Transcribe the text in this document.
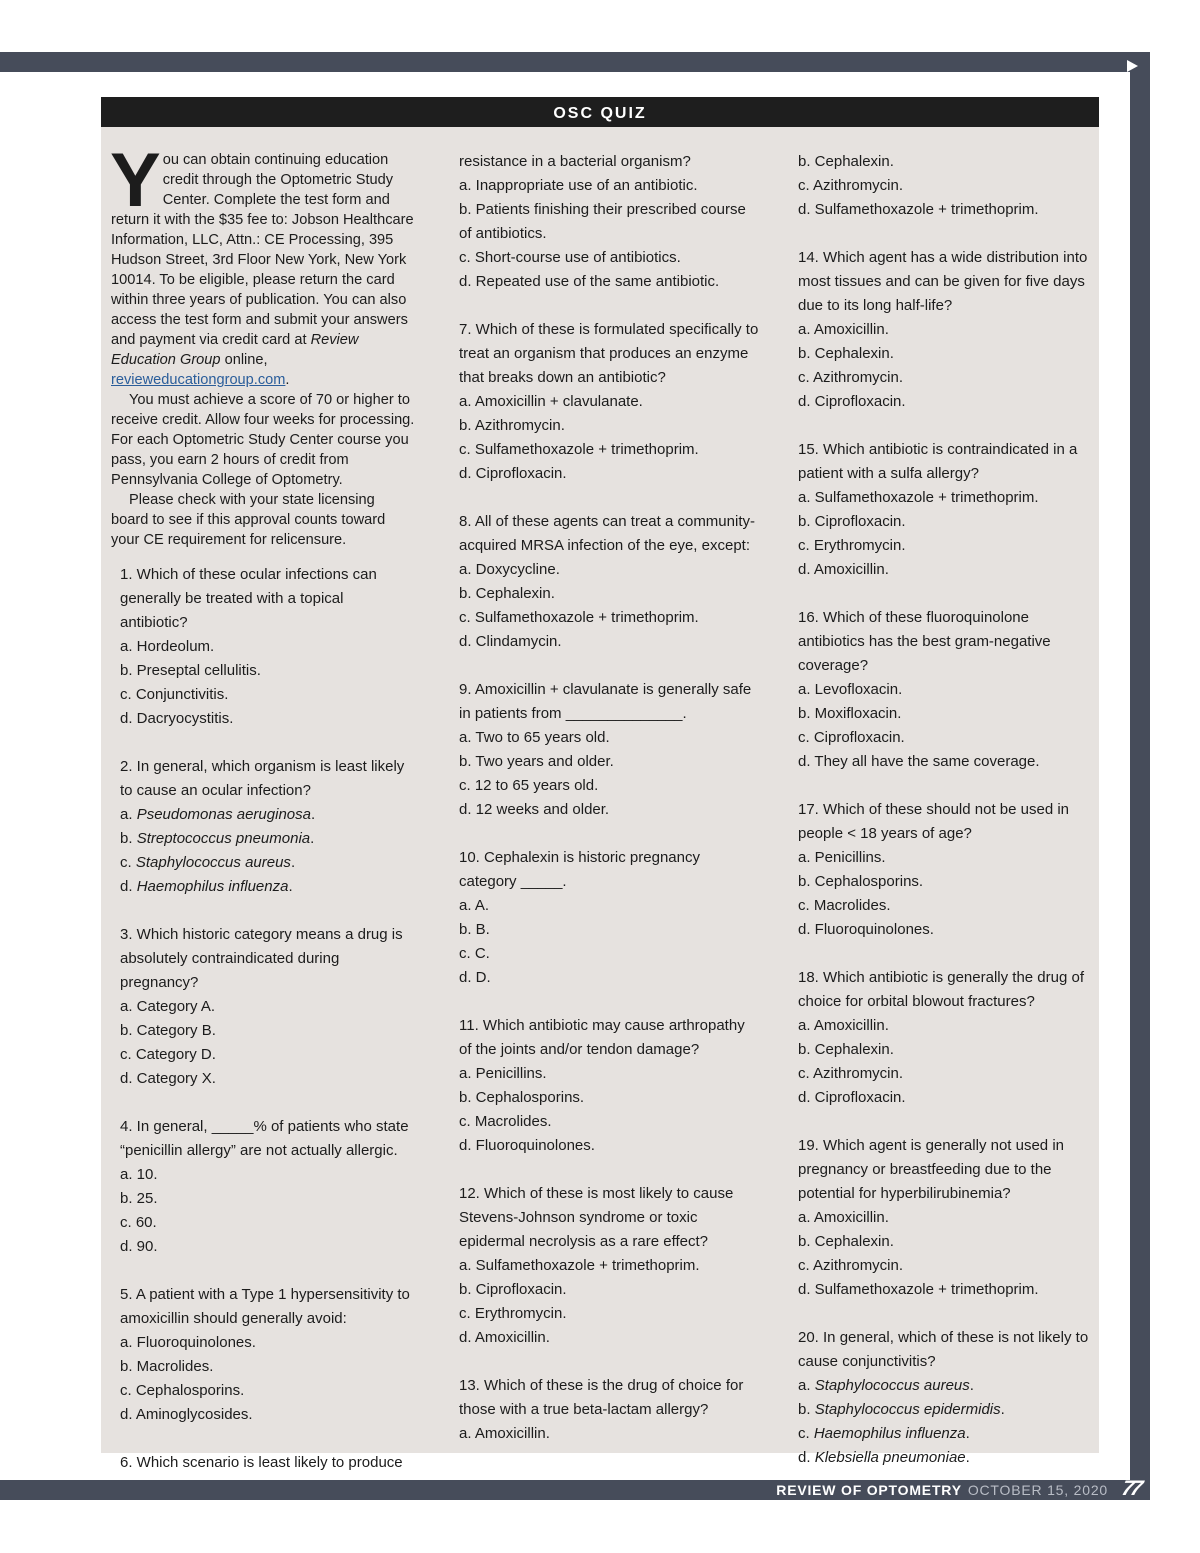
OSC QUIZ

You can obtain continuing education credit through the Optometric Study Center. Complete the test form and return it with the $35 fee to: Jobson Healthcare Information, LLC, Attn.: CE Processing, 395 Hudson Street, 3rd Floor New York, New York 10014. To be eligible, please return the card within three years of publication. You can also access the test form and submit your answers and payment via credit card at Review Education Group online, revieweducationgroup.com.

You must achieve a score of 70 or higher to receive credit. Allow four weeks for processing. For each Optometric Study Center course you pass, you earn 2 hours of credit from Pennsylvania College of Optometry.

Please check with your state licensing board to see if this approval counts toward your CE requirement for relicensure.

1. Which of these ocular infections can generally be treated with a topical antibiotic?

a. Hordeolum.

b. Preseptal cellulitis.

c. Conjunctivitis.

d. Dacryocystitis.

2. In general, which organism is least likely to cause an ocular infection?

a. Pseudomonas aeruginosa.

b. Streptococcus pneumonia.

c. Staphylococcus aureus.

d. Haemophilus influenza.

3. Which historic category means a drug is absolutely contraindicated during pregnancy?

a. Category A.

b. Category B.

c. Category D.

d. Category X.

4. In general, _____% of patients who state “penicillin allergy” are not actually allergic.

a. 10.

b. 25.

c. 60.

d. 90.

5. A patient with a Type 1 hypersensitivity to amoxicillin should generally avoid:

a. Fluoroquinolones.

b. Macrolides.

c. Cephalosporins.

d. Aminoglycosides.

6. Which scenario is least likely to produce

resistance in a bacterial organism?

a. Inappropriate use of an antibiotic.

b. Patients finishing their prescribed course of antibiotics.

c. Short-course use of antibiotics.

d. Repeated use of the same antibiotic.

7. Which of these is formulated specifically to treat an organism that produces an enzyme that breaks down an antibiotic?

a. Amoxicillin + clavulanate.

b. Azithromycin.

c. Sulfamethoxazole + trimethoprim.

d. Ciprofloxacin.

8. All of these agents can treat a community-acquired MRSA infection of the eye, except:

a. Doxycycline.

b. Cephalexin.

c. Sulfamethoxazole + trimethoprim.

d. Clindamycin.

9. Amoxicillin + clavulanate is generally safe in patients from ______________.

a. Two to 65 years old.

b. Two years and older.

c. 12 to 65 years old.

d. 12 weeks and older.

10. Cephalexin is historic pregnancy category _____.

a. A.

b. B.

c. C.

d. D.

11. Which antibiotic may cause arthropathy of the joints and/or tendon damage?

a. Penicillins.

b. Cephalosporins.

c. Macrolides.

d. Fluoroquinolones.

12. Which of these is most likely to cause Stevens-Johnson syndrome or toxic epidermal necrolysis as a rare effect?

a. Sulfamethoxazole + trimethoprim.

b. Ciprofloxacin.

c. Erythromycin.

d. Amoxicillin.

13. Which of these is the drug of choice for those with a true beta-lactam allergy?

a. Amoxicillin.

b. Cephalexin.

c. Azithromycin.

d. Sulfamethoxazole + trimethoprim.

14. Which agent has a wide distribution into most tissues and can be given for five days due to its long half-life?

a. Amoxicillin.

b. Cephalexin.

c. Azithromycin.

d. Ciprofloxacin.

15. Which antibiotic is contraindicated in a patient with a sulfa allergy?

a. Sulfamethoxazole + trimethoprim.

b. Ciprofloxacin.

c. Erythromycin.

d. Amoxicillin.

16. Which of these fluoroquinolone antibiotics has the best gram-negative coverage?

a. Levofloxacin.

b. Moxifloxacin.

c. Ciprofloxacin.

d. They all have the same coverage.

17. Which of these should not be used in people < 18 years of age?

a. Penicillins.

b. Cephalosporins.

c. Macrolides.

d. Fluoroquinolones.

18. Which antibiotic is generally the drug of choice for orbital blowout fractures?

a. Amoxicillin.

b. Cephalexin.

c. Azithromycin.

d. Ciprofloxacin.

19. Which agent is generally not used in pregnancy or breastfeeding due to the potential for hyperbilirubinemia?

a. Amoxicillin.

b. Cephalexin.

c. Azithromycin.

d. Sulfamethoxazole + trimethoprim.

20. In general, which of these is not likely to cause conjunctivitis?

a. Staphylococcus aureus.

b. Staphylococcus epidermidis.

c. Haemophilus influenza.

d. Klebsiella pneumoniae.

REVIEW OF OPTOMETRY OCTOBER 15, 2020 77
